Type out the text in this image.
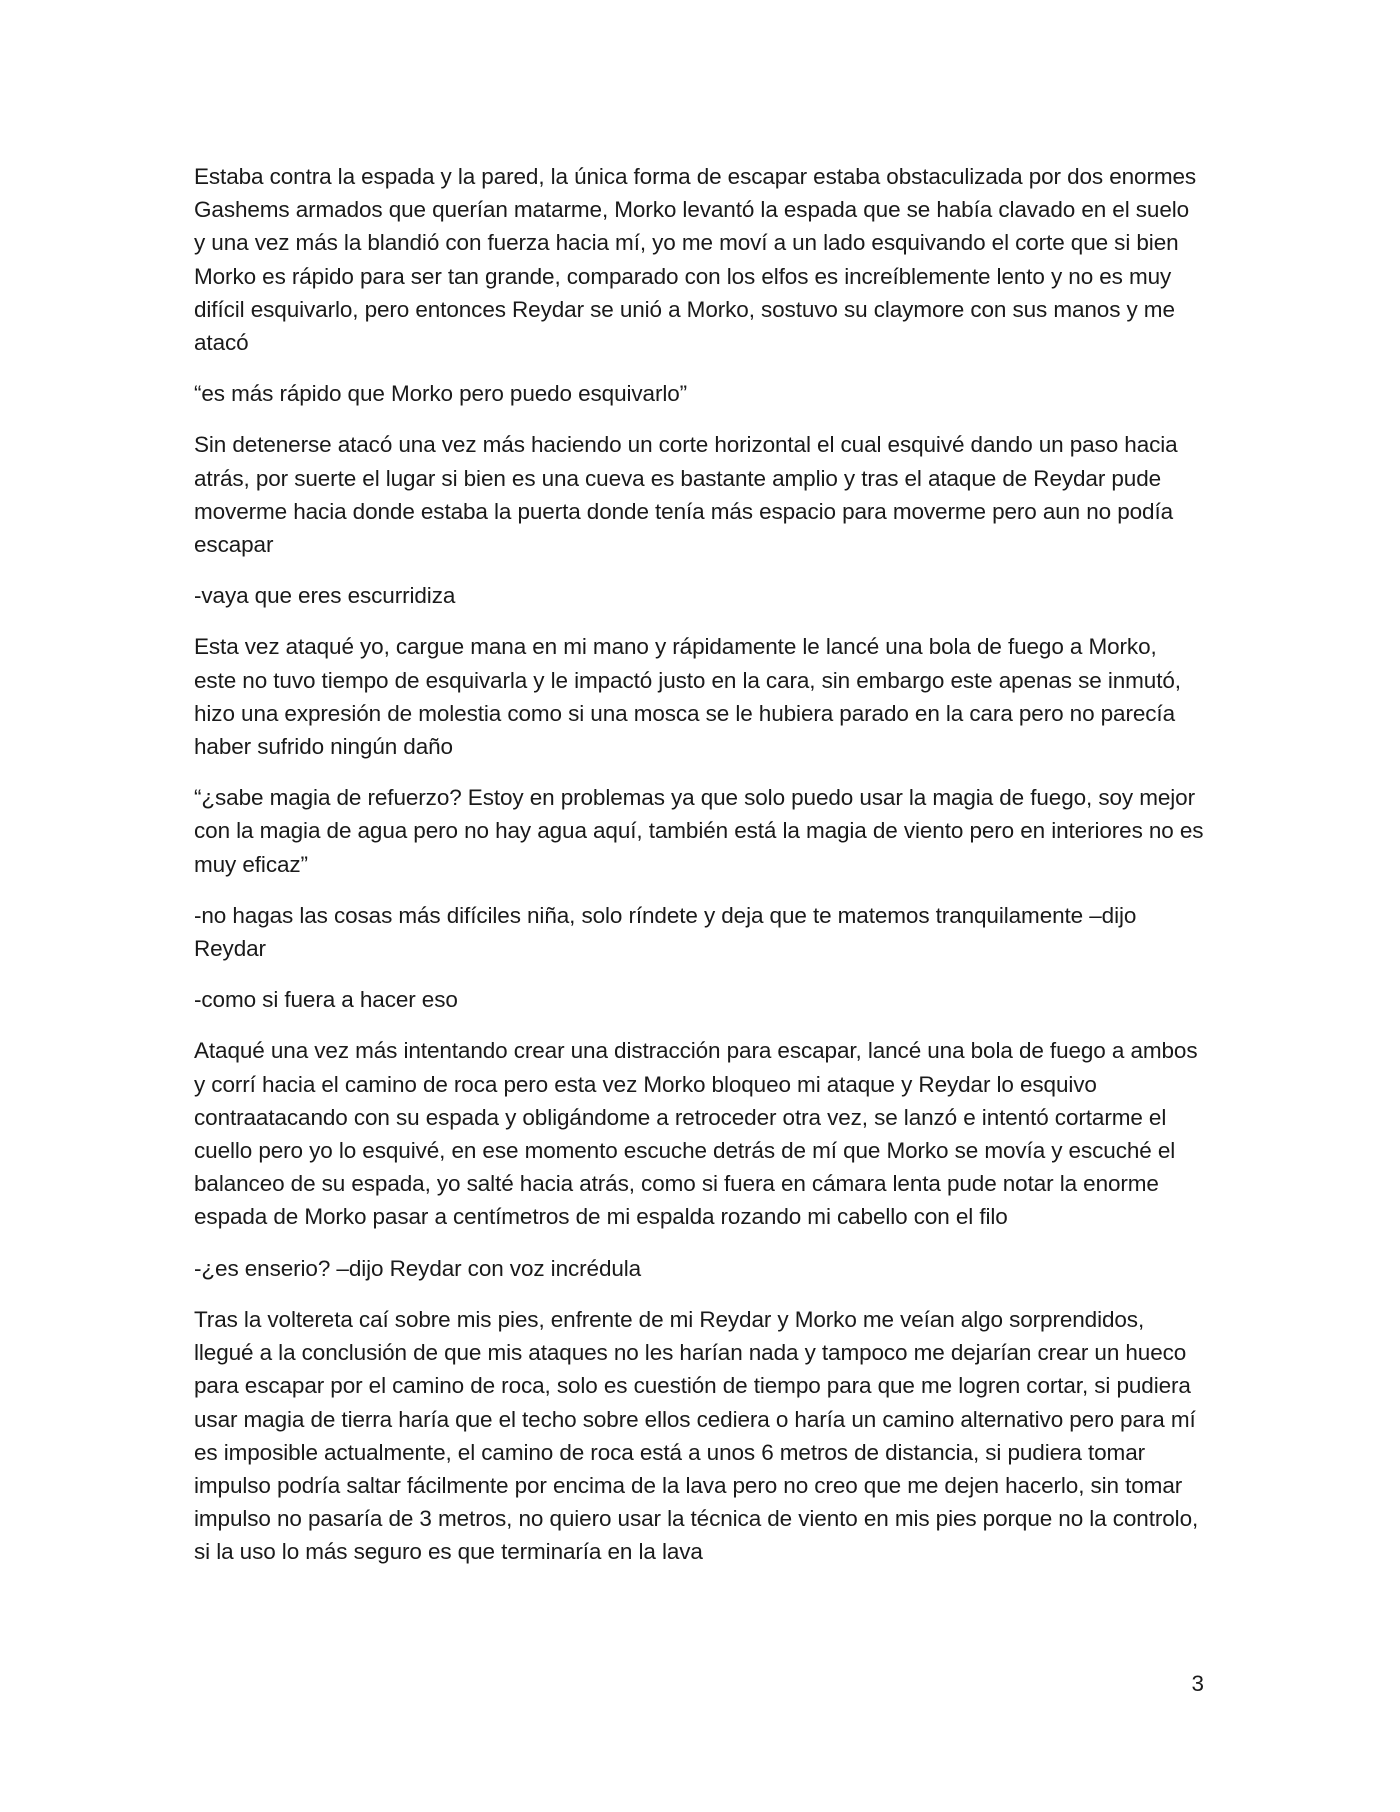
Estaba contra la espada y la pared, la única forma de escapar estaba obstaculizada por dos enormes Gashems armados que querían matarme, Morko levantó la espada que se había clavado en el suelo y una vez más la blandió con fuerza hacia mí, yo me moví a un lado esquivando el corte que si bien Morko es rápido para ser tan grande, comparado con los elfos es increíblemente lento y no es muy difícil esquivarlo, pero entonces Reydar se unió a Morko, sostuvo su claymore con sus manos y me atacó

“es más rápido que Morko pero puedo esquivarlo”

Sin detenerse atacó una vez más haciendo un corte horizontal el cual esquivé dando un paso hacia atrás, por suerte el lugar si bien es una cueva es bastante amplio y tras el ataque de Reydar pude moverme hacia donde estaba la puerta donde tenía más espacio para moverme pero aun no podía escapar

-vaya que eres escurridiza

Esta vez ataqué yo, cargue mana en mi mano y rápidamente le lancé una bola de fuego a Morko, este no tuvo tiempo de esquivarla y le impactó justo en la cara, sin embargo este apenas se inmutó, hizo una expresión de molestia como si una mosca se le hubiera parado en la cara pero no parecía haber sufrido ningún daño

“¿sabe magia de refuerzo? Estoy en problemas ya que solo puedo usar la magia de fuego, soy mejor con la magia de agua pero no hay agua aquí, también está la magia de viento pero en interiores no es muy eficaz”

-no hagas las cosas más difíciles niña, solo ríndete y deja que te matemos tranquilamente –dijo Reydar

-como si fuera a hacer eso

Ataqué una vez más intentando crear una distracción para escapar, lancé una bola de fuego a ambos y corrí hacia el camino de roca pero esta vez Morko bloqueo mi ataque y Reydar lo esquivo contraatacando con su espada y obligándome a retroceder otra vez, se lanzó e intentó cortarme el cuello pero yo lo esquivé, en ese momento escuche detrás de mí que Morko se movía y escuché el balanceo de su espada, yo salté hacia atrás, como si fuera en cámara lenta pude notar la enorme espada de Morko pasar a centímetros de mi espalda rozando mi cabello con el filo

-¿es enserio? –dijo Reydar con voz incrédula

Tras la voltereta caí sobre mis pies, enfrente de mi Reydar y Morko me veían algo sorprendidos, llegué a la conclusión de que mis ataques no les harían nada y tampoco me dejarían crear un hueco para escapar por el camino de roca, solo es cuestión de tiempo para que me logren cortar, si pudiera usar magia de tierra haría que el techo sobre ellos cediera o haría un camino alternativo pero para mí es imposible actualmente, el camino de roca está a unos 6 metros de distancia, si pudiera tomar impulso podría saltar fácilmente por encima de la lava pero no creo que me dejen hacerlo, sin tomar impulso no pasaría de 3 metros, no quiero usar la técnica de viento en mis pies porque no la controlo, si la uso lo más seguro es que terminaría en la lava

3
